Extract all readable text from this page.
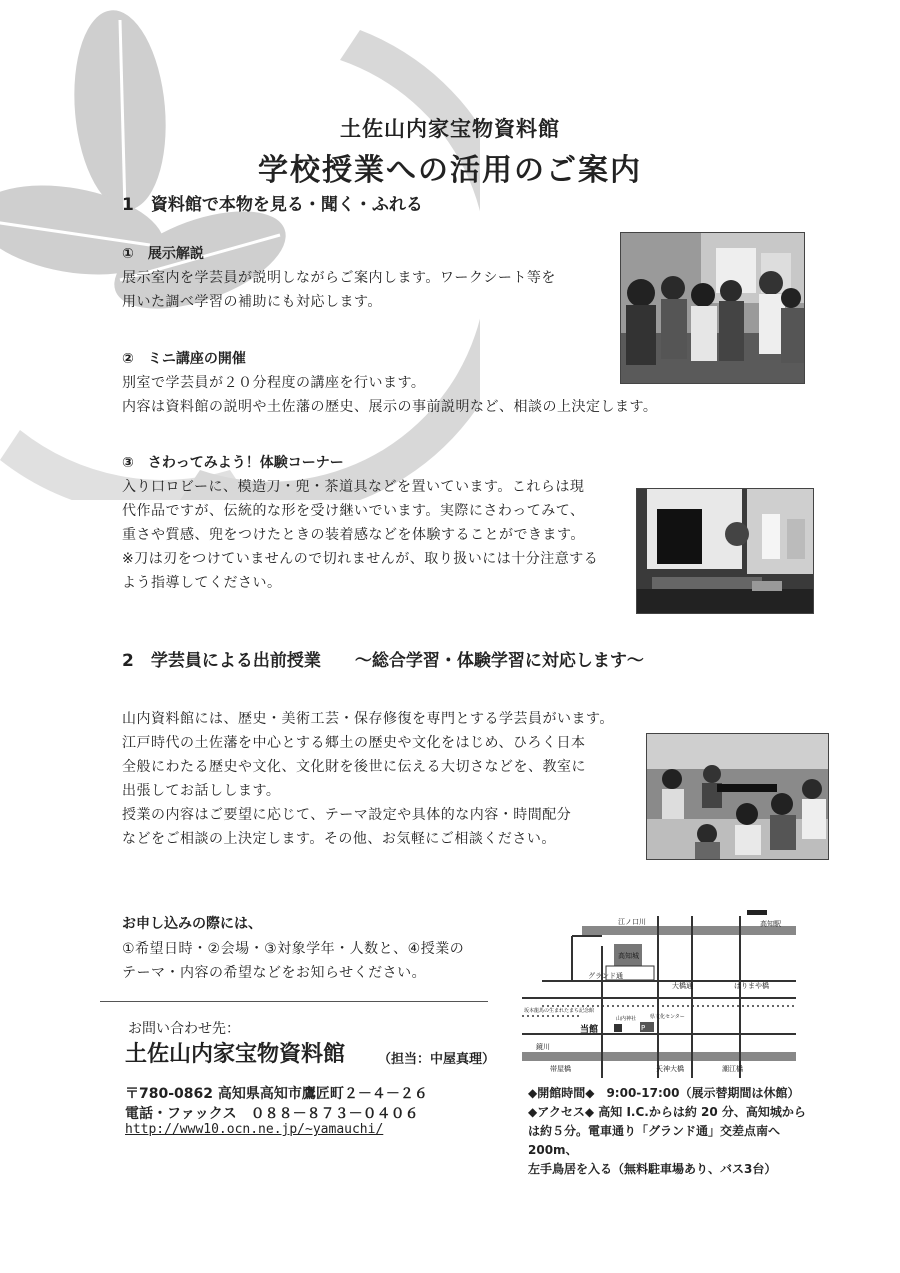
土佐山内家宝物資料館
学校授業への活用のご案内
1　資料館で本物を見る・聞く・ふれる
①　展示解説
展示室内を学芸員が説明しながらご案内します。ワークシート等を
用いた調べ学習の補助にも対応します。
②　ミニ講座の開催
別室で学芸員が２０分程度の講座を行います。
内容は資料館の説明や土佐藩の歴史、展示の事前説明など、相談の上決定します。
③　さわってみよう！体験コーナー
入り口ロビーに、模造刀・兜・茶道具などを置いています。これらは現
代作品ですが、伝統的な形を受け継いでいます。実際にさわってみて、
重さや質感、兜をつけたときの装着感などを体験することができます。
※刀は刃をつけていませんので切れませんが、取り扱いには十分注意する
よう指導してください。
2　学芸員による出前授業　　～総合学習・体験学習に対応します～
山内資料館には、歴史・美術工芸・保存修復を専門とする学芸員がいます。
江戸時代の土佐藩を中心とする郷土の歴史や文化をはじめ、ひろく日本
全般にわたる歴史や文化、文化財を後世に伝える大切さなどを、教室に
出張してお話しします。
授業の内容はご要望に応じて、テーマ設定や具体的な内容・時間配分
などをご相談の上決定します。その他、お気軽にご相談ください。
お申し込みの際には、
①希望日時・②会場・③対象学年・人数と、④授業の
テーマ・内容の希望などをお知らせください。
お問い合わせ先：
土佐山内家宝物資料館	（担当：中屋真理）
〒780-0862 高知県高知市鷹匠町２－４－２６
電話・ファックス　０８８－８７３－０４０６
http://www10.ocn.ne.jp/~yamauchi/
江ノ口川	高知駅
高知城
グランド通
大橋通	はりまや橋
坂本龍馬の生まれたまち記念館
当館
山内神社	県文化センター
鏡川
帯屋橋	天神大橋	潮江橋
P
◆開館時間◆　9:00-17:00（展示替期間は休館）
◆アクセス◆ 高知 I.C.からは約 20 分、高知城から
は約５分。電車通り「グランド通」交差点南へ200m、
左手鳥居を入る（無料駐車場あり、バス3台）
